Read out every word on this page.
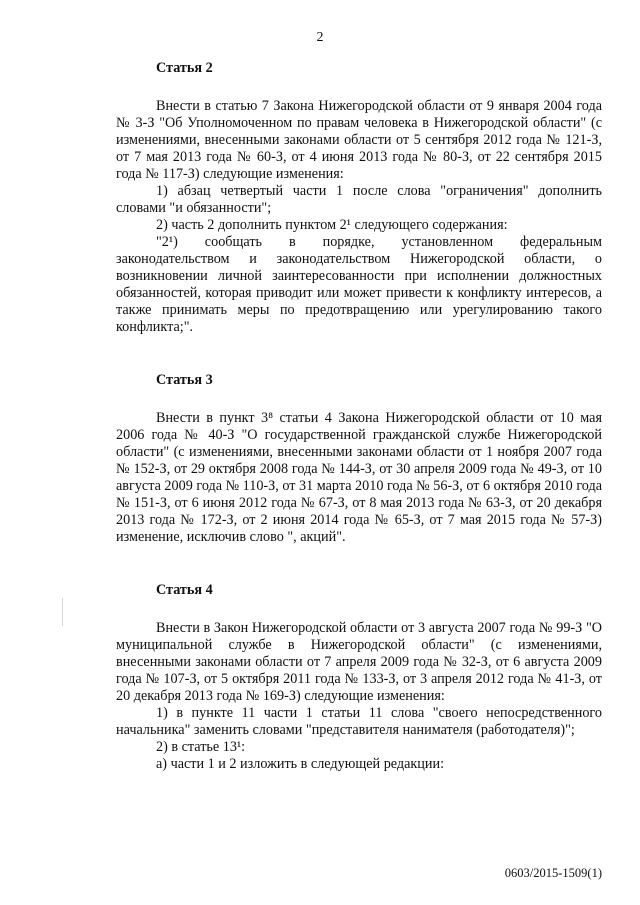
2

Статья 2

Внести в статью 7 Закона Нижегородской области от 9 января 2004 года № 3-З "Об Уполномоченном по правам человека в Нижегородской области" (с изменениями, внесенными законами области от 5 сентября 2012 года № 121-З, от 7 мая 2013 года № 60-З, от 4 июня 2013 года № 80-З, от 22 сентября 2015 года № 117-З) следующие изменения:

1) абзац четвертый части 1 после слова "ограничения" дополнить словами "и обязанности";

2) часть 2 дополнить пунктом 2¹ следующего содержания:

"2¹) сообщать в порядке, установленном федеральным законодательством и законодательством Нижегородской области, о возникновении личной заинтересованности при исполнении должностных обязанностей, которая приводит или может привести к конфликту интересов, а также принимать меры по предотвращению или урегулированию такого конфликта;".

Статья 3

Внести в пункт 3⁸ статьи 4 Закона Нижегородской области от 10 мая 2006 года № 40-З "О государственной гражданской службе Нижегородской области" (с изменениями, внесенными законами области от 1 ноября 2007 года № 152-З, от 29 октября 2008 года № 144-З, от 30 апреля 2009 года № 49-З, от 10 августа 2009 года № 110-З, от 31 марта 2010 года № 56-З, от 6 октября 2010 года № 151-З, от 6 июня 2012 года № 67-З, от 8 мая 2013 года № 63-З, от 20 декабря 2013 года № 172-З, от 2 июня 2014 года № 65-З, от 7 мая 2015 года № 57-З) изменение, исключив слово ", акций".

Статья 4

Внести в Закон Нижегородской области от 3 августа 2007 года № 99-З "О муниципальной службе в Нижегородской области" (с изменениями, внесенными законами области от 7 апреля 2009 года № 32-З, от 6 августа 2009 года № 107-З, от 5 октября 2011 года № 133-З, от 3 апреля 2012 года № 41-З, от 20 декабря 2013 года № 169-З) следующие изменения:

1) в пункте 11 части 1 статьи 11 слова "своего непосредственного начальника" заменить словами "представителя нанимателя (работодателя)";

2) в статье 13¹:

а) части 1 и 2 изложить в следующей редакции:

0603/2015-1509(1)
